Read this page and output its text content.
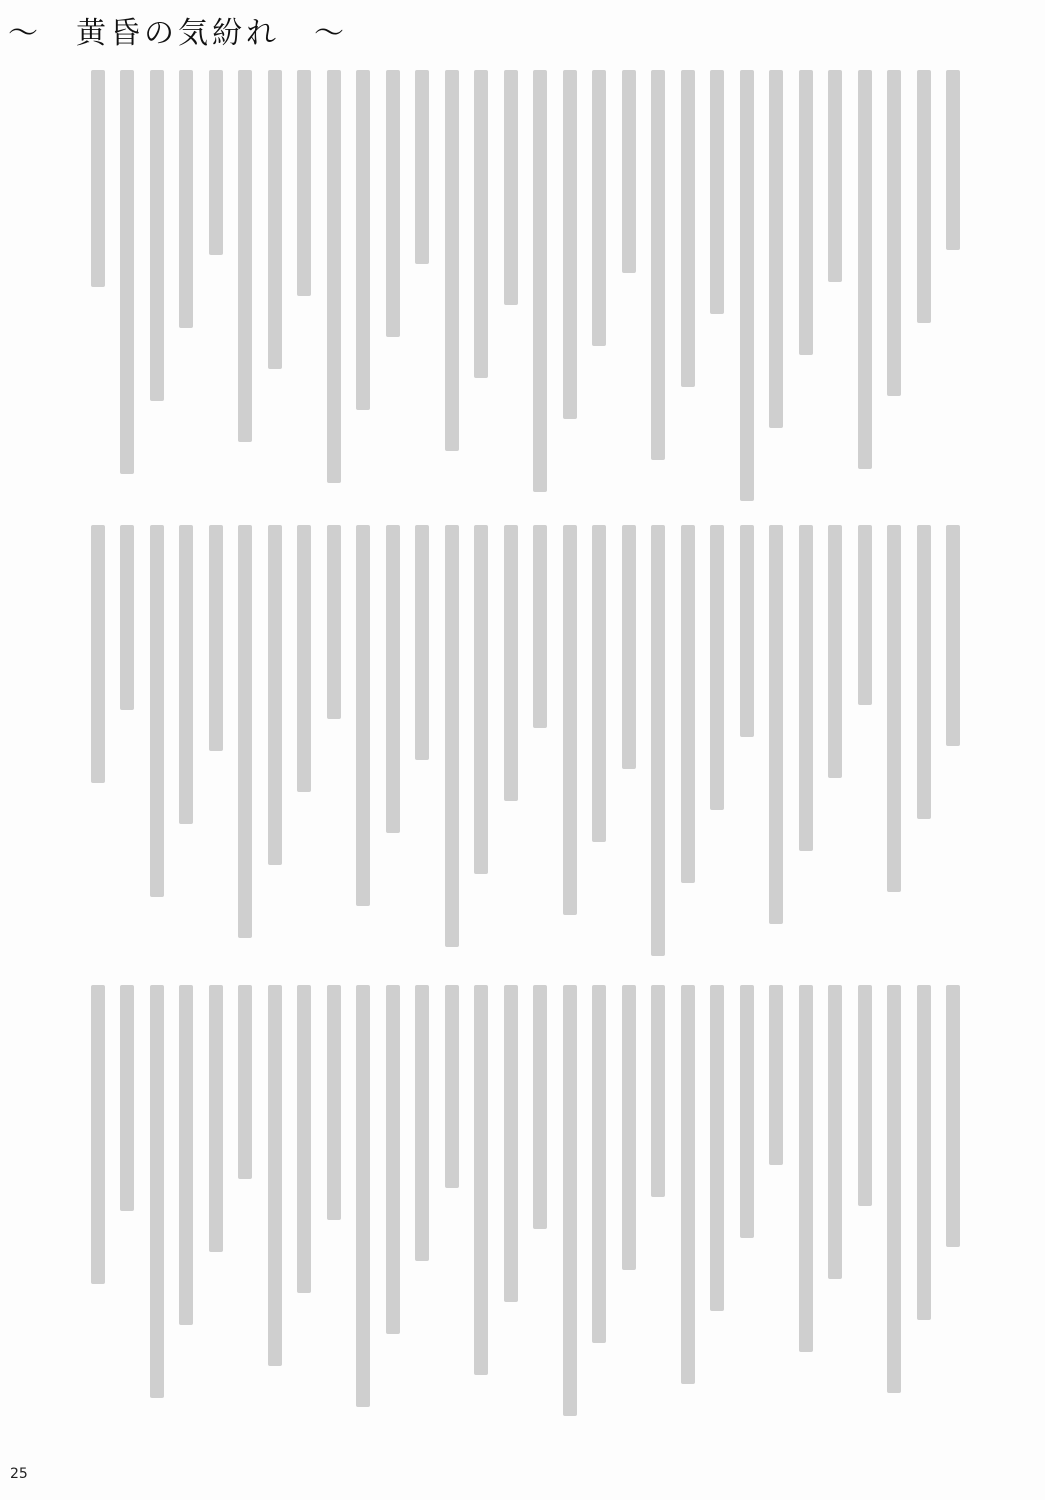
〜　黄昏の気紛れ　〜
25
